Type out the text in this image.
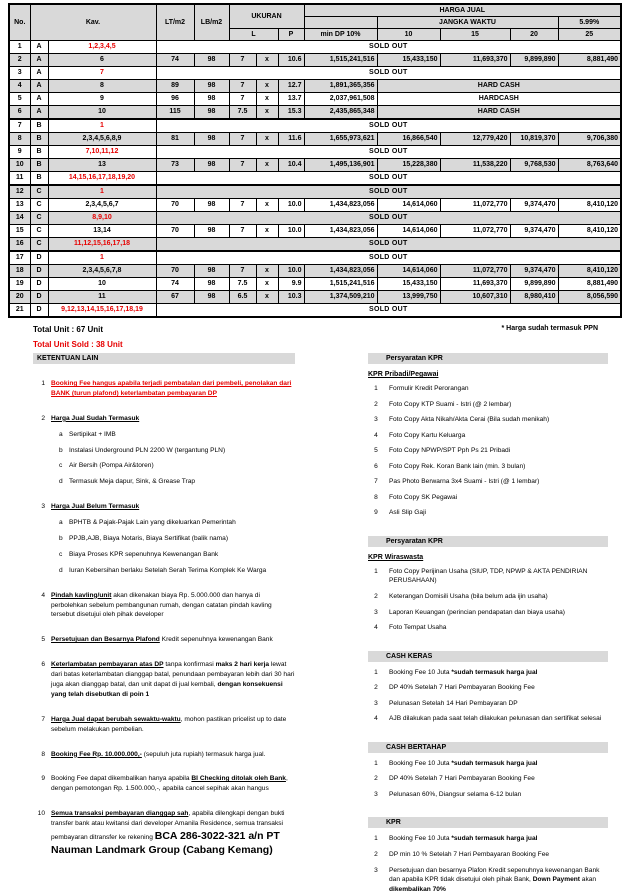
No.	Kav.		LT/m2	LB/m2	UKURAN			HARGA JUAL				
									JANGKA WAKTU			5.99%
					L		P	min DP 10%	10	15	20	25
1	A	1,2,3,4,5	SOLD OUT									
2	A	6	74	98	7	x	10.6	1,515,241,516	15,433,150	11,693,370	9,899,890	8,881,490
3	A	7	SOLD OUT									
4	A	8	89	98	7	x	12.7	1,891,365,356	HARD CASH			
5	A	9	96	98	7	x	13.7	2,037,961,508	HARDCASH			
6	A	10	115	98	7.5	x	15.3	2,435,865,348	HARD CASH			
7	B	1	SOLD OUT									
8	B	2,3,4,5,6,8,9	81	98	7	x	11.6	1,655,973,621	16,866,540	12,779,420	10,819,370	9,706,380
9	B	7,10,11,12	SOLD OUT									
10	B	13	73	98	7	x	10.4	1,495,136,901	15,228,380	11,538,220	9,768,530	8,763,640
11	B	14,15,16,17,18,19,20	SOLD OUT									
12	C	1	SOLD OUT									
13	C	2,3,4,5,6,7	70	98	7	x	10.0	1,434,823,056	14,614,060	11,072,770	9,374,470	8,410,120
14	C	8,9,10	SOLD OUT									
15	C	13,14	70	98	7	x	10.0	1,434,823,056	14,614,060	11,072,770	9,374,470	8,410,120
16	C	11,12,15,16,17,18	SOLD OUT									
17	D	1	SOLD OUT									
18	D	2,3,4,5,6,7,8	70	98	7	x	10.0	1,434,823,056	14,614,060	11,072,770	9,374,470	8,410,120
19	D	10	74	98	7.5	x	9.9	1,515,241,516	15,433,150	11,693,370	9,899,890	8,881,490
20	D	11	67	98	6.5	x	10.3	1,374,509,210	13,999,750	10,607,310	8,980,410	8,056,590
21	D	9,12,13,14,15,16,17,18,19	SOLD OUT									
Total Unit : 67 Unit	* Harga sudah termasuk PPN
Total Unit Sold : 38 Unit
KETENTUAN LAIN
1 Booking Fee hangus apabila terjadi pembatalan dari pembeli, penolakan dari BANK (turun plafond) keterlambatan pembayaran DP
2 Harga Jual Sudah Termasuk
a Sertipikat + IMB
b Instalasi Underground PLN 2200 W (tergantung PLN)
c	Air Bersih (Pompa Air&toren)
d Termasuk Meja dapur, Sink, & Grease Trap
3 Harga Jual Belum Termasuk
a BPHTB & Pajak-Pajak Lain yang dikeluarkan Pemerintah
b PPJB,AJB, Biaya Notaris, Biaya Sertifikat (balik nama)
c	Biaya Proses KPR sepenuhnya Kewenangan Bank
d Iuran Kebersihan berlaku Setelah Serah Terima Komplek Ke Warga
4 Pindah kavling/unit akan dikenakan biaya Rp. 5.000.000 dan hanya di perbolehkan sebelum pembangunan rumah, dengan catatan pindah kavling tersebut disetujui oleh pihak developer
5 Persetujuan dan Besarnya Plafond Kredit sepenuhnya kewenangan Bank
6 Keterlambatan pembayaran atas DP tanpa konfirmasi maks 2 hari kerja lewat dari batas keterlambatan dianggap batal, penundaan pembayaran lebih dari 30 hari juga akan dianggap batal, dan unit dapat di jual kembali, dengan konsekuensi yang telah disebutkan di poin 1
7 Harga Jual dapat berubah sewaktu-waktu, mohon pastikan pricelist up to date sebelum melakukan pembelian.
8 Booking Fee Rp. 10.000.000,- (sepuluh juta rupiah) termasuk harga jual.
9 Booking Fee dapat dikembalikan hanya apabila BI Checking ditolak oleh Bank, dengan pemotongan Rp. 1.500.000,-, apabila cancel sepihak akan hangus
10 Semua transaksi pembayaran dianggap sah, apabila dilengkapi dengan bukti transfer bank atau kwitansi dari developer Amanila Residence, semua transaksi pembayaran ditransfer ke rekening BCA 286-3022-321 a/n PT Nauman Landmark Group (Cabang Kemang)
Persyaratan KPR
KPR Pribadi/Pegawai
1	Formulir Kredit Perorangan
2	Foto Copy KTP Suami - Istri (@ 2 lembar)
3	Foto Copy Akta Nikah/Akta Cerai (Bila sudah menikah)
4	Foto Copy Kartu Keluarga
5	Foto Copy NPWP/SPT Pph Ps 21 Pribadi
6	Foto Copy Rek. Koran Bank lain (min. 3 bulan)
7	Pas Photo Berwarna 3x4 Suami - Istri (@ 1 lembar)
8	Foto Copy SK Pegawai
9	Asli Slip Gaji
Persyaratan KPR
KPR Wiraswasta
1	Foto Copy Perijinan Usaha (SIUP, TDP, NPWP & AKTA PENDIRIAN PERUSAHAAN)
2	Keterangan Domisili Usaha (bila belum ada ijin usaha)
3	Laporan Keuangan (perincian pendapatan dan biaya usaha)
4	Foto Tempat Usaha
CASH KERAS
1	Booking Fee 10 Juta *sudah termasuk harga jual
2	DP 40% Setelah 7 Hari Pembayaran Booking Fee
3	Pelunasan Setelah 14 Hari Pembayaran DP
4	AJB dilakukan pada saat telah dilakukan pelunasan dan sertifikat selesai
CASH BERTAHAP
1	Booking Fee 10 Juta *sudah termasuk harga jual
2	DP 40% Setelah 7 Hari Pembayaran Booking Fee
3	Pelunasan 60%, Diangsur selama 6-12 bulan
KPR
1	Booking Fee 10 Juta *sudah termasuk harga jual
2	DP min 10 % Setelah 7 Hari Pembayaran Booking Fee
3	Persetujuan dan besarnya Plafon Kredit sepenuhnya kewenangan Bank dan apabila KPR tidak disetujui oleh pihak Bank, Down Payment akan dikembalikan 70%
